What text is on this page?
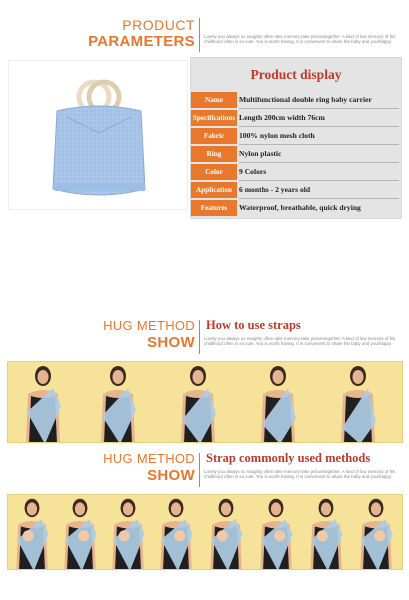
PRODUCT
PARAMETERS Lovely you always so naughty often take memory take picturetogether. A kind of low memory of his childhood often is so cute. You is worth having. It is convenient to share the baby and yourhappy.
Product display
Name	Multifunctional double ring baby carrier
Specifications Length 200cm width 76cm
Fabric	100% nylon mesh cloth
Ring	Nylon plastic
Color	9 Colors
Application 6 months - 2 years old
Features	Waterproof, breathable, quick drying
HUG METHOD
SHOW
How to use straps
Lovely you always so naughty often take memory take picturetogether. A kind of low memory of his childhood often is so cute. You is worth having. It is convenient to share the baby and yourhappy.
HUG METHOD
SHOW
Strap commonly used methods
Lovely you always so naughty often take memory take picturetogether. A kind of low memory of his childhood often is so cute. You is worth having. It is convenient to share the baby and yourhappy.
